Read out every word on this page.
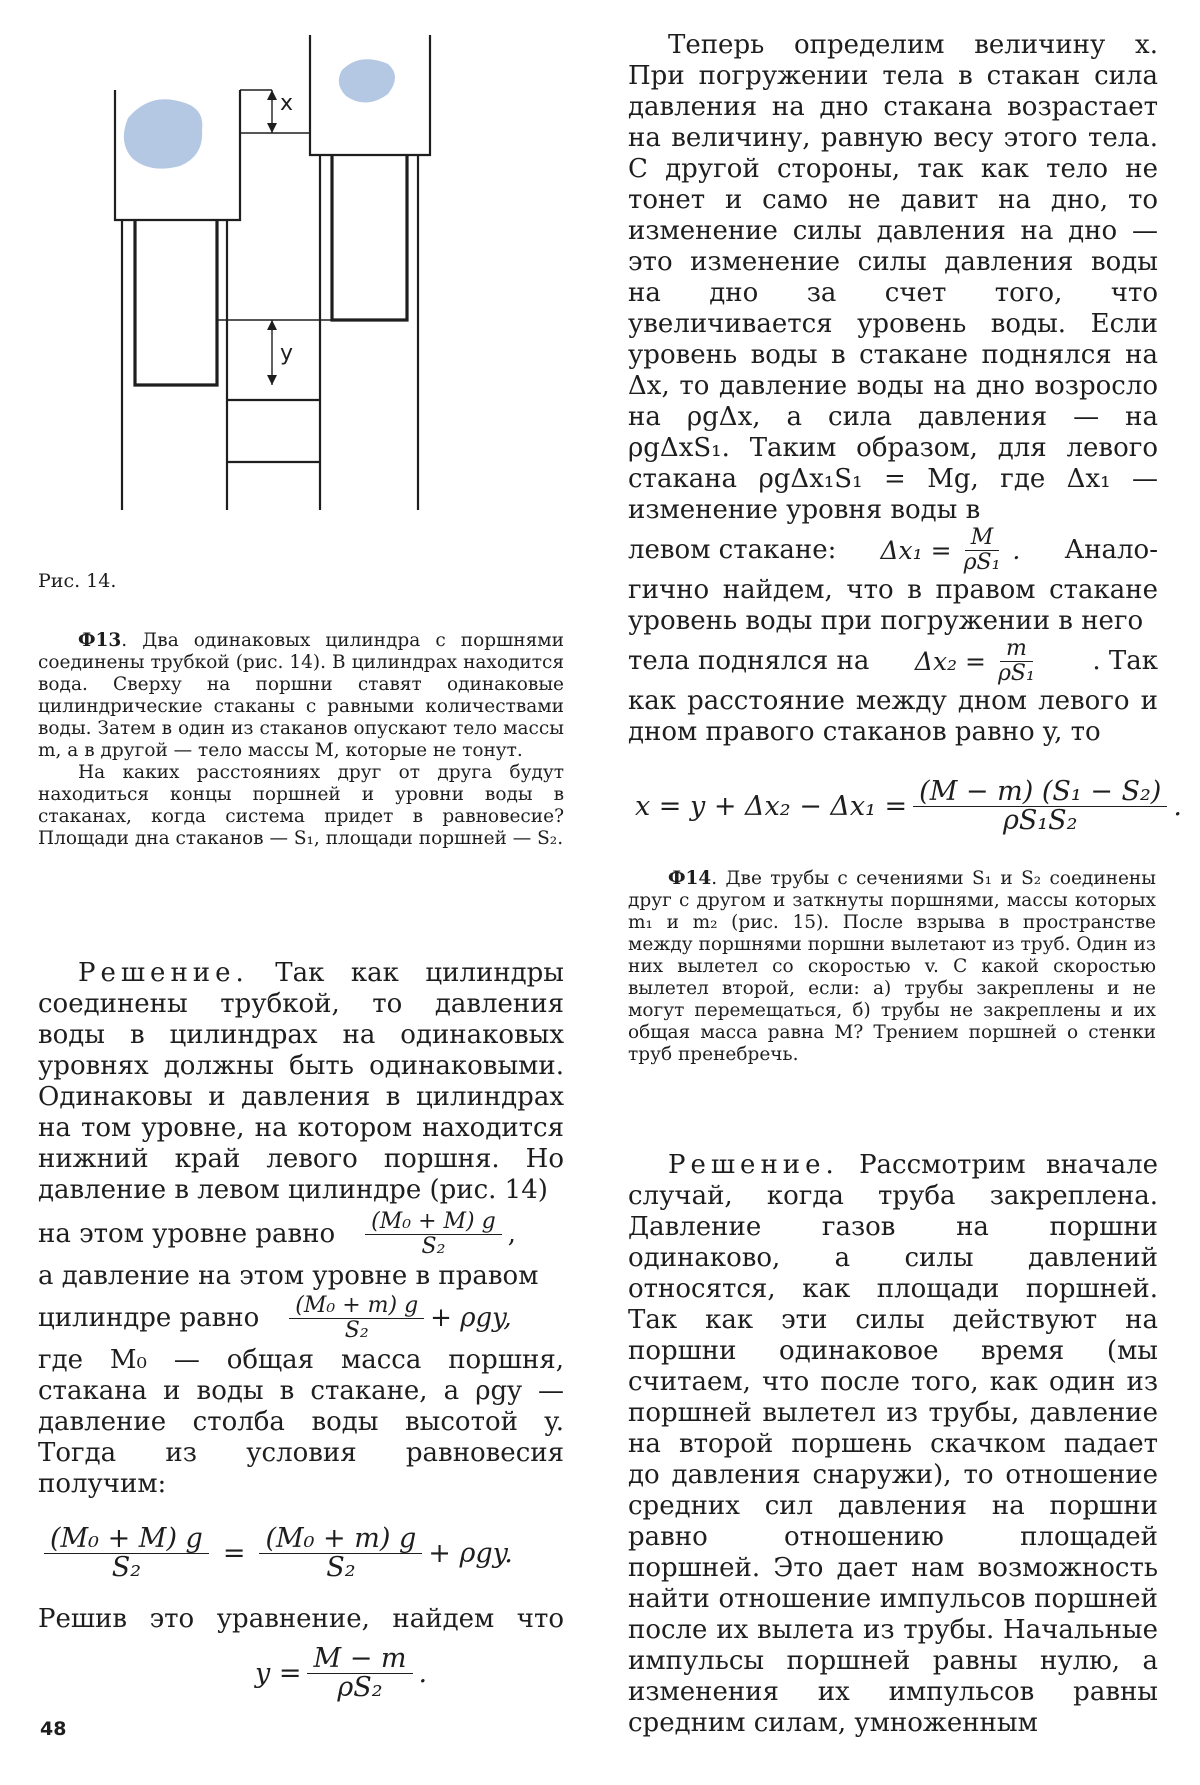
x
y
Рис. 14.

Ф13. Два одинаковых цилиндра с поршнями соединены трубкой (рис. 14). В цилиндрах находится вода. Сверху на поршни ставят одинаковые цилиндрические стаканы с равными количествами воды. Затем в один из стаканов опускают тело массы m, а в другой — тело массы M, которые не тонут.

На каких расстояниях друг от друга будут находиться концы поршней и уровни воды в стаканах, когда система придет в равновесие? Площади дна стаканов — S₁, площади поршней — S₂.

Решение. Так как цилиндры соединены трубкой, то давления воды в цилиндрах на одинаковых уровнях должны быть одинаковыми. Одинаковы и давления в цилиндрах на том уровне, на котором находится нижний край левого поршня. Но давление в левом цилиндре (рис. 14)

на этом уровне равно $\frac{\text{(M₀ + M) g}}{\text{S₂}}$ ,

а давление на этом уровне в правом

цилиндре равно $\frac{\text{(M₀ + m) g}}{\text{S₂}} + \rho gy$,

где M₀ — общая масса поршня, стакана и воды в стакане, а ρgy — давление столба воды высотой y. Тогда из условия равновесия получим:

$\frac{\text{(M₀ + M) g}}{\text{S₂}} = \frac{\text{(M₀ + m) g}}{\text{S₂}} + \rho gy$.
Решив это уравнение, найдем что
$y = \frac{M - m}{\text{ρS₂}}$ .
48

Теперь определим величину x. При погружении тела в стакан сила давления на дно стакана возрастает на величину, равную весу этого тела. С другой стороны, так как тело не тонет и само не давит на дно, то изменение силы давления на дно — это изменение силы давления воды на дно за счет того, что увеличивается уровень воды. Если уровень воды в стакане поднялся на Δx, то давление воды на дно возросло на ρgΔx, а сила давления — на ρgΔxS₁. Таким образом, для левого стакана ρgΔx₁S₁ = Mg, где Δx₁ — изменение уровня воды в

левом стакане: $\Delta x_1 = \frac{M}{\text{ρS₁}}$ . Анало-

гично найдем, что в правом стакане уровень воды при погружении в него

тела поднялся на $\Delta x_2 = \frac{m}{\text{ρS₁}}$ . Так

как расстояние между дном левого и дном правого стаканов равно y, то

$x = y + \Delta x_2 - \Delta x_1 = \frac{\text{(M − m) (S₁ − S₂)}}{\text{ρS₁S₂}}$ .

Ф14. Две трубы с сечениями S₁ и S₂ соединены друг с другом и заткнуты поршнями, массы которых m₁ и m₂ (рис. 15). После взрыва в пространстве между поршнями поршни вылетают из труб. Один из них вылетел со скоростью v. С какой скоростью вылетел второй, если: а) трубы закреплены и не могут перемещаться, б) трубы не закреплены и их общая масса равна M? Трением поршней о стенки труб пренебречь.

Решение. Рассмотрим вначале случай, когда труба закреплена. Давление газов на поршни одинаково, а силы давлений относятся, как площади поршней. Так как эти силы действуют на поршни одинаковое время (мы считаем, что после того, как один из поршней вылетел из трубы, давление на второй поршень скачком падает до давления снаружи), то отношение средних сил давления на поршни равно отношению площадей поршней. Это дает нам возможность найти отношение импульсов поршней после их вылета из трубы. Начальные импульсы поршней равны нулю, а изменения их импульсов равны средним силам, умноженным
